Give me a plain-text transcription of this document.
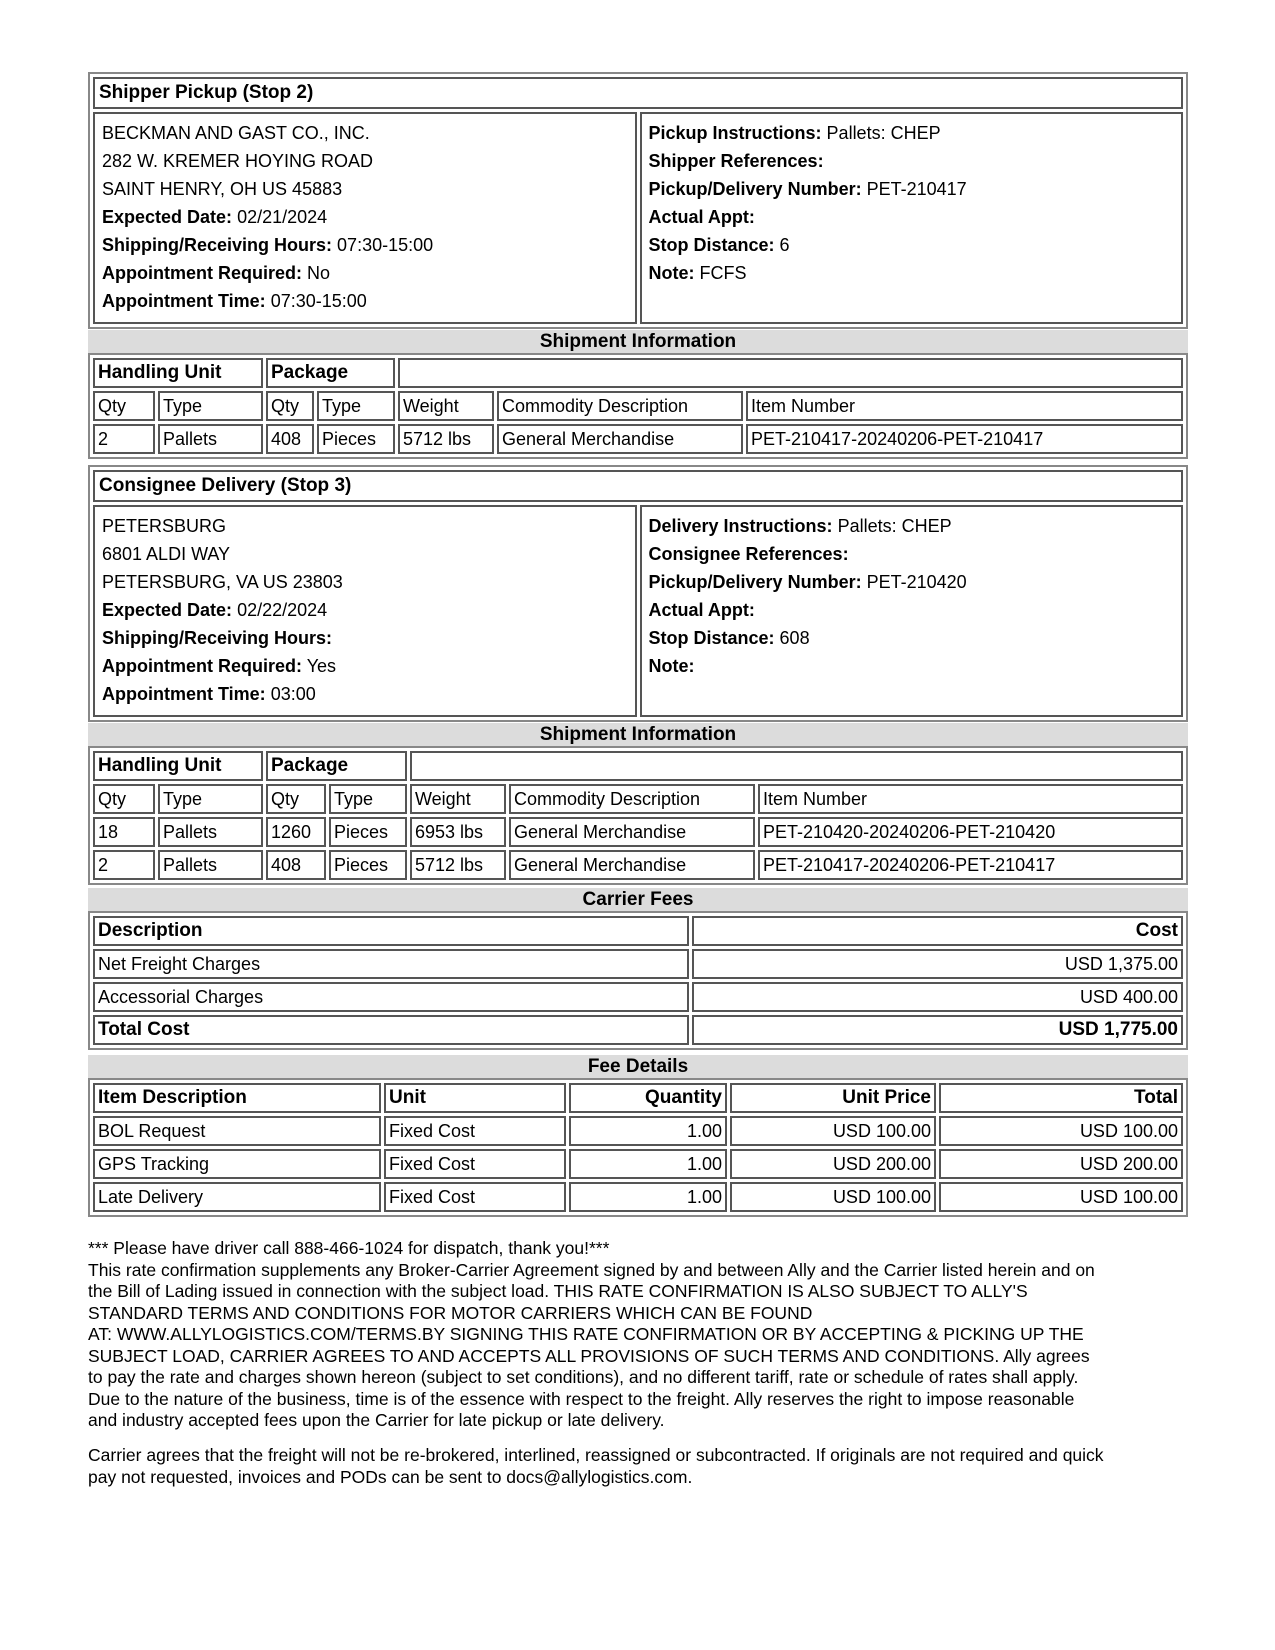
Shipper Pickup (Stop 2)

BECKMAN AND GAST CO., INC.
282 W. KREMER HOYING ROAD
SAINT HENRY, OH US 45883
Expected Date: 02/21/2024
Shipping/Receiving Hours: 07:30-15:00
Appointment Required: No
Appointment Time: 07:30-15:00

Pickup Instructions: Pallets: CHEP
Shipper References:
Pickup/Delivery Number: PET-210417
Actual Appt:
Stop Distance: 6
Note: FCFS
Shipment Information
Handling Unit		Package				
Qty	Type	Qty	Type	Weight	Commodity Description	Item Number
2	Pallets	408	Pieces	5712 lbs	General Merchandise	PET-210417-20240206-PET-210417
Consignee Delivery (Stop 3)

PETERSBURG
6801 ALDI WAY
PETERSBURG, VA US 23803
Expected Date: 02/22/2024
Shipping/Receiving Hours:
Appointment Required: Yes
Appointment Time: 03:00

Delivery Instructions: Pallets: CHEP
Consignee References:
Pickup/Delivery Number: PET-210420
Actual Appt:
Stop Distance: 608
Note:
Shipment Information
Handling Unit		Package				
Qty	Type	Qty	Type	Weight	Commodity Description	Item Number
18	Pallets	1260	Pieces	6953 lbs	General Merchandise	PET-210420-20240206-PET-210420
2	Pallets	408	Pieces	5712 lbs	General Merchandise	PET-210417-20240206-PET-210417
Carrier Fees
Description	Cost
Net Freight Charges	USD 1,375.00
Accessorial Charges	USD 400.00
Total Cost	USD 1,775.00
Fee Details
Item Description	Unit	Quantity	Unit Price	Total
BOL Request	Fixed Cost	1.00	USD 100.00	USD 100.00
GPS Tracking	Fixed Cost	1.00	USD 200.00	USD 200.00
Late Delivery	Fixed Cost	1.00	USD 100.00	USD 100.00
*** Please have driver call 888-466-1024 for dispatch, thank you!***
This rate confirmation supplements any Broker-Carrier Agreement signed by and between Ally and the Carrier listed herein and on
the Bill of Lading issued in connection with the subject load. THIS RATE CONFIRMATION IS ALSO SUBJECT TO ALLY'S
STANDARD TERMS AND CONDITIONS FOR MOTOR CARRIERS WHICH CAN BE FOUND
AT: WWW.ALLYLOGISTICS.COM/TERMS.BY SIGNING THIS RATE CONFIRMATION OR BY ACCEPTING & PICKING UP THE
SUBJECT LOAD, CARRIER AGREES TO AND ACCEPTS ALL PROVISIONS OF SUCH TERMS AND CONDITIONS. Ally agrees
to pay the rate and charges shown hereon (subject to set conditions), and no different tariff, rate or schedule of rates shall apply.
Due to the nature of the business, time is of the essence with respect to the freight. Ally reserves the right to impose reasonable
and industry accepted fees upon the Carrier for late pickup or late delivery.
Carrier agrees that the freight will not be re-brokered, interlined, reassigned or subcontracted. If originals are not required and quick
pay not requested, invoices and PODs can be sent to docs@allylogistics.com.
